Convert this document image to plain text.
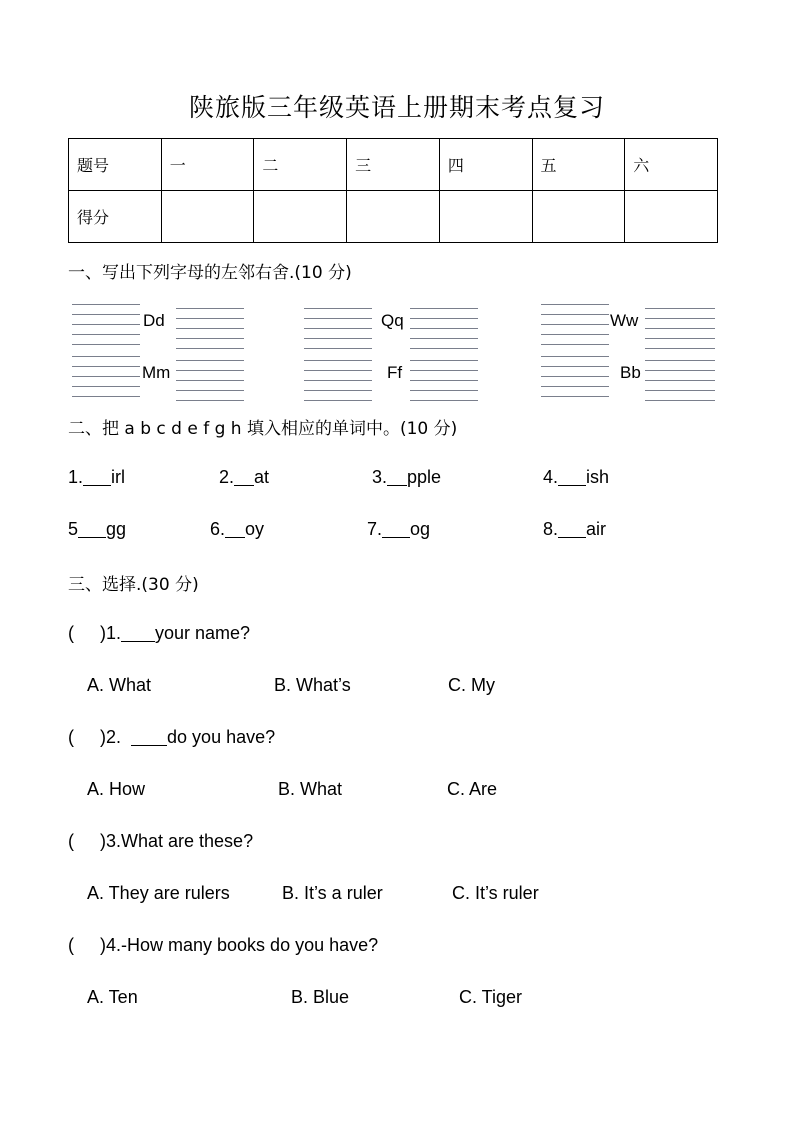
陕旅版三年级英语上册期末考点复习
题号	一	二	三	四	五	六
得分						
一、写出下列字母的左邻右舍.(10 分)
Dd	Qq	Ww
Mm	Ff	Bb
二、把 a b c d e f g h 填入相应的单词中。(10 分)
1. irl	2. at	3. pple	4. ish
5 gg	6. oy	7. og	8. air
三、选择.(30 分)
( )1. your name?
A. What	B. What’s	C. My
( )2.	do you have?
A. How	B. What	C. Are
( )3.What are these?
A. They are rulers	B. It’s a ruler	C. It’s ruler
( )4.-How many books do you have?
A. Ten	B. Blue	C. Tiger
